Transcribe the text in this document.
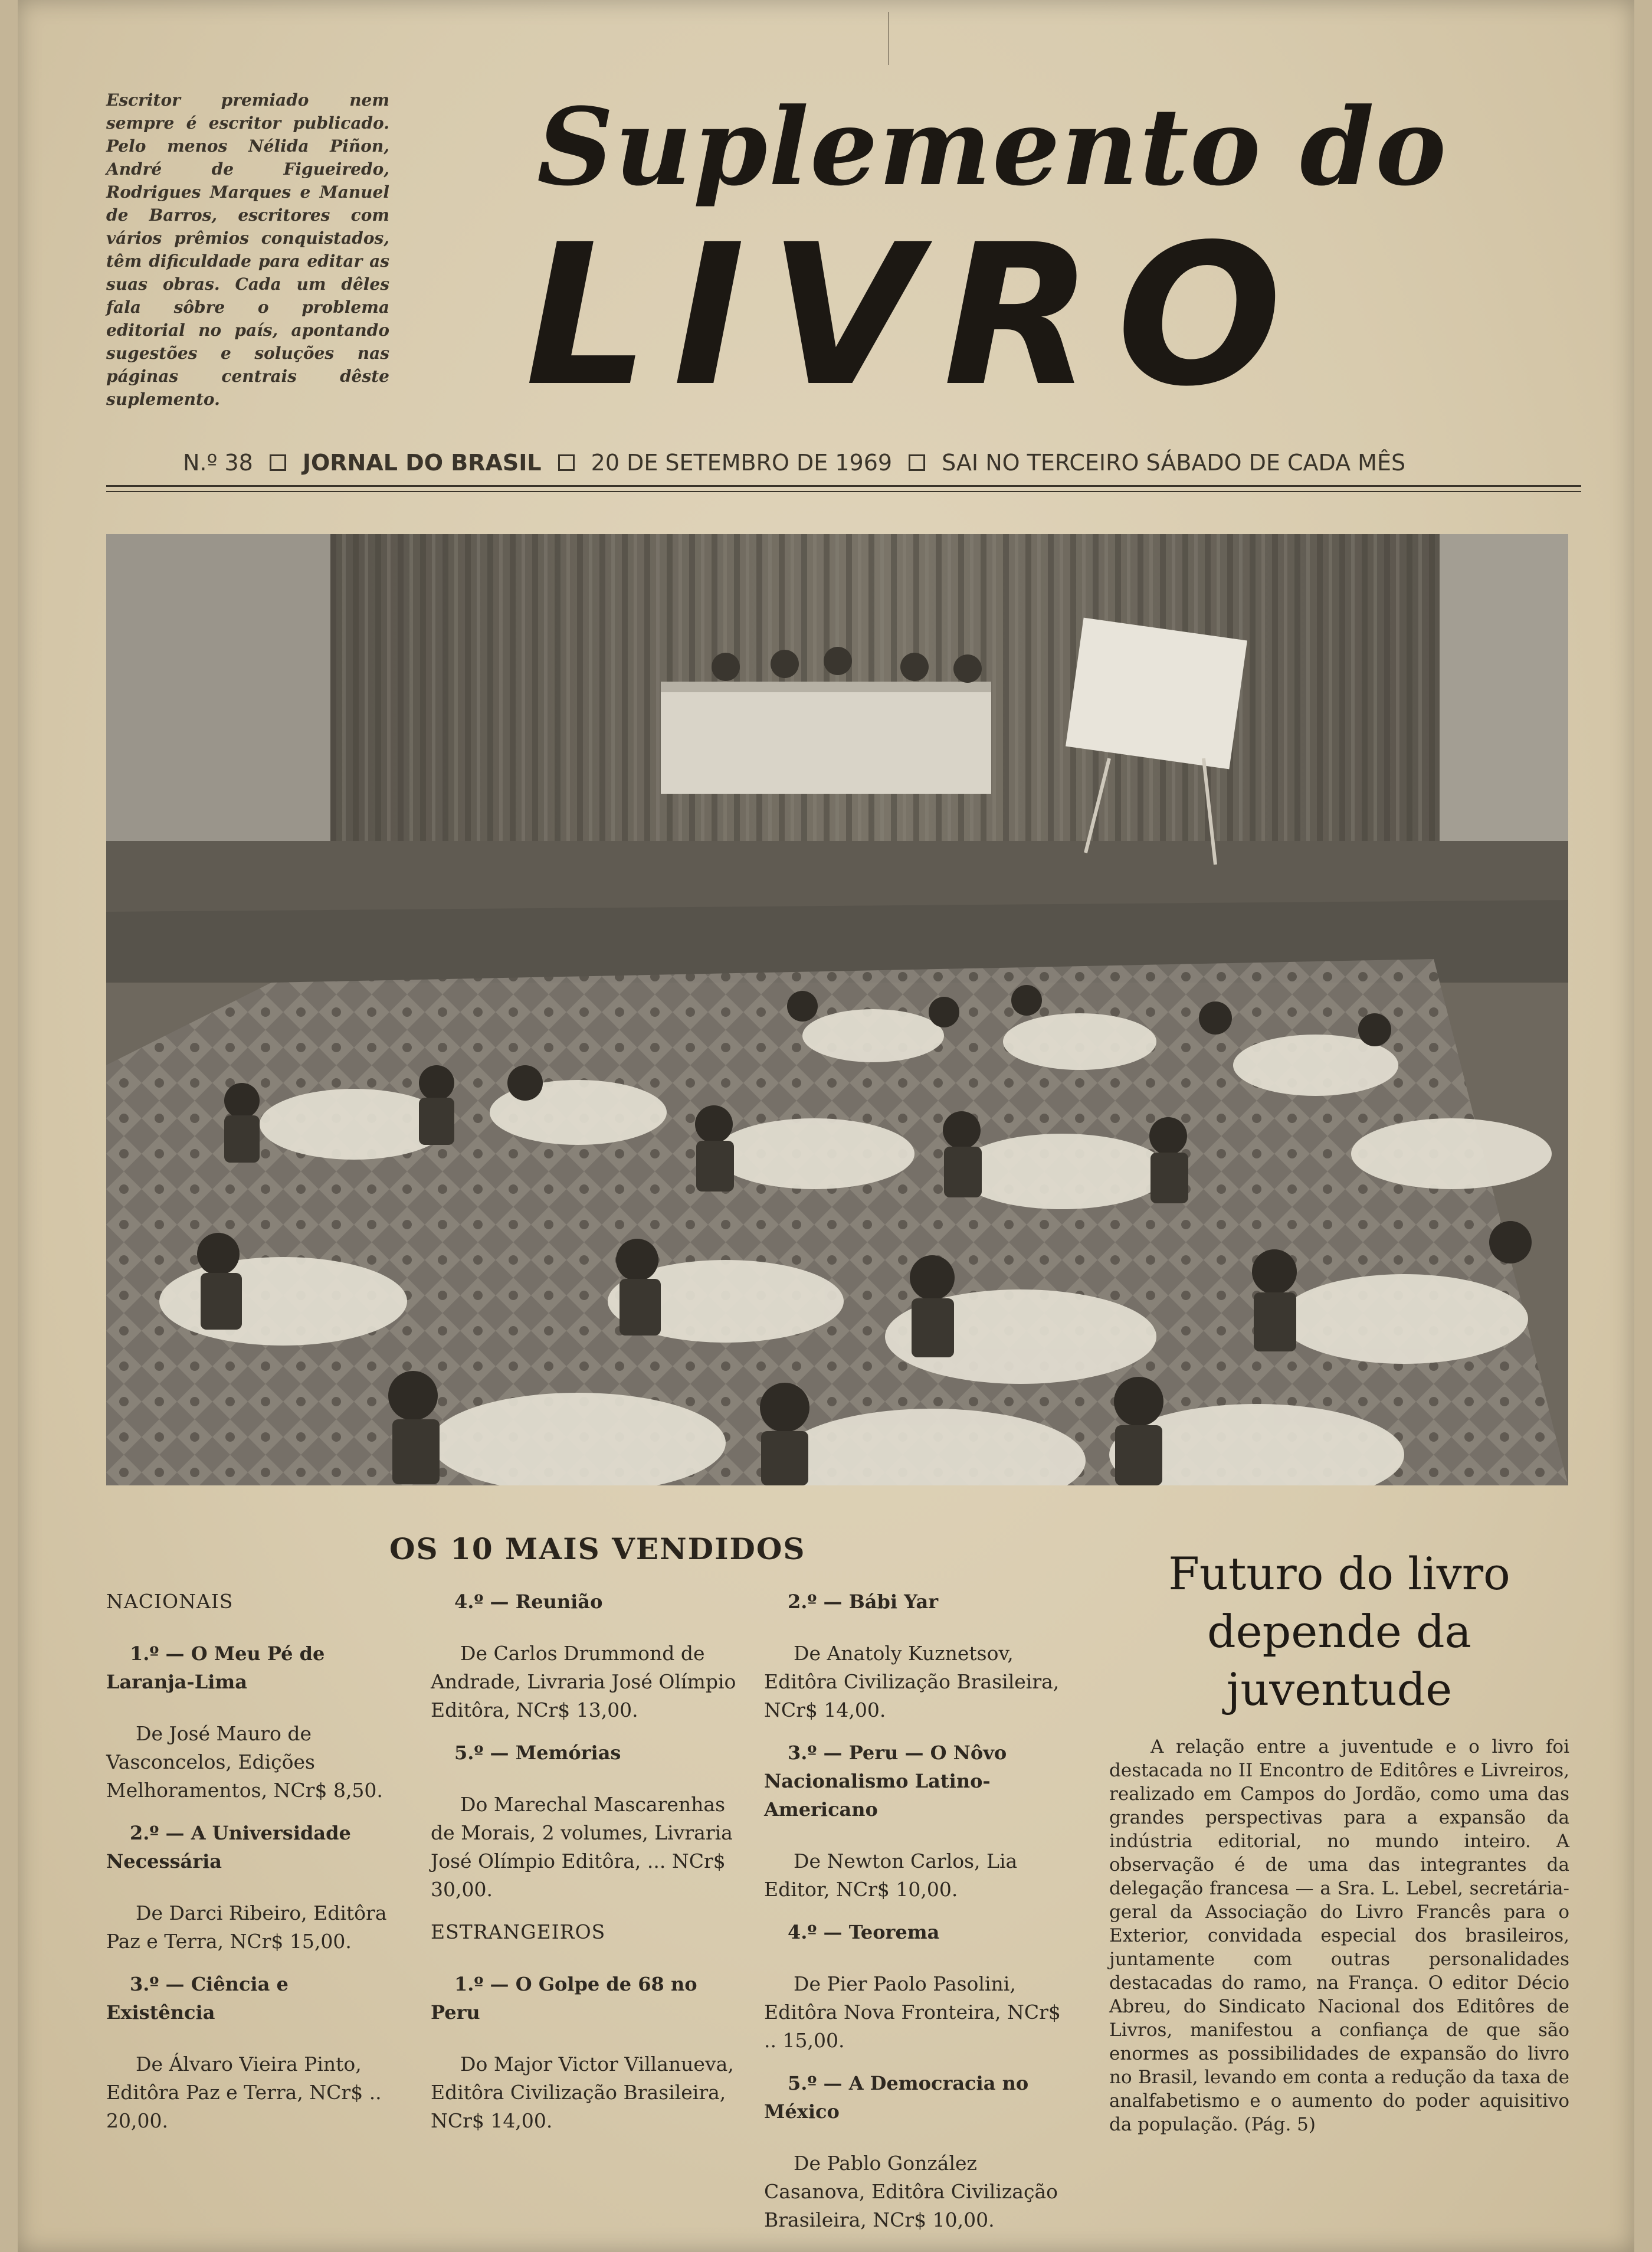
Escritor premiado nem sempre é escritor publicado. Pelo menos Nélida Piñon, André de Figueiredo, Rodrigues Marques e Manuel de Barros, escritores com vários prêmios conquistados, têm dificuldade para editar as suas obras. Cada um dêles fala sôbre o problema editorial no país, apontando sugestões e soluções nas páginas centrais dêste suplemento.
Suplemento do
LIVRO
N.º 38 JORNAL DO BRASIL 20 DE SETEMBRO DE 1969 SAI NO TERCEIRO SÁBADO DE CADA MÊS
OS 10 MAIS VENDIDOS
NACIONAIS
1.º — O Meu Pé de Laranja-Lima
De José Mauro de Vasconcelos, Edições Melhoramentos, NCr$ 8,50.
2.º — A Universidade Necessária
De Darci Ribeiro, Editôra Paz e Terra, NCr$ 15,00.
3.º — Ciência e Existência
De Álvaro Vieira Pinto, Editôra Paz e Terra, NCr$ .. 20,00.
4.º — Reunião
De Carlos Drummond de Andrade, Livraria José Olímpio Editôra, NCr$ 13,00.
5.º — Memórias
Do Marechal Mascarenhas de Morais, 2 volumes, Livraria José Olímpio Editôra, ... NCr$ 30,00.
ESTRANGEIROS
1.º — O Golpe de 68 no Peru
Do Major Victor Villanueva, Editôra Civilização Brasileira, NCr$ 14,00.
2.º — Bábi Yar
De Anatoly Kuznetsov, Editôra Civilização Brasileira, NCr$ 14,00.
3.º — Peru — O Nôvo Nacionalismo Latino-Americano
De Newton Carlos, Lia Editor, NCr$ 10,00.
4.º — Teorema
De Pier Paolo Pasolini, Editôra Nova Fronteira, NCr$ .. 15,00.
5.º — A Democracia no México
De Pablo González Casanova, Editôra Civilização Brasileira, NCr$ 10,00.
Futuro do livro depende da juventude
A relação entre a juventude e o livro foi destacada no II Encontro de Editôres e Livreiros, realizado em Campos do Jordão, como uma das grandes perspectivas para a expansão da indústria editorial, no mundo inteiro. A observação é de uma das integrantes da delegação francesa — a Sra. L. Lebel, secretária-geral da Associação do Livro Francês para o Exterior, convidada especial dos brasileiros, juntamente com outras personalidades destacadas do ramo, na França. O editor Décio Abreu, do Sindicato Nacional dos Editôres de Livros, manifestou a confiança de que são enormes as possibilidades de expansão do livro no Brasil, levando em conta a redução da taxa de analfabetismo e o aumento do poder aquisitivo da população. (Pág. 5)
